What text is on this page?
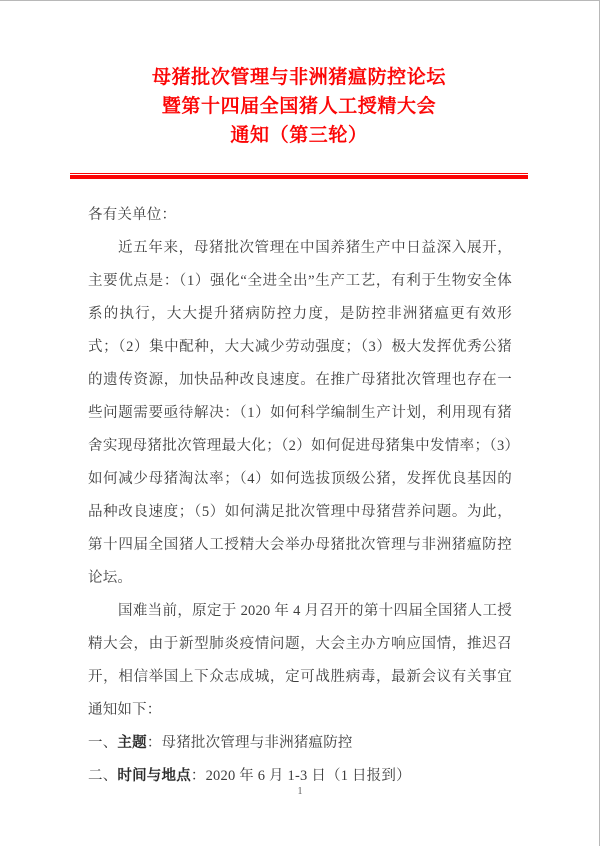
母猪批次管理与非洲猪瘟防控论坛
暨第十四届全国猪人工授精大会
通知（第三轮）

各有关单位：

近五年来，母猪批次管理在中国养猪生产中日益深入展开，主要优点是：（1）强化“全进全出”生产工艺，有利于生物安全体系的执行，大大提升猪病防控力度，是防控非洲猪瘟更有效形式；（2）集中配种，大大减少劳动强度；（3）极大发挥优秀公猪的遗传资源，加快品种改良速度。在推广母猪批次管理也存在一些问题需要亟待解决：（1）如何科学编制生产计划，利用现有猪舍实现母猪批次管理最大化；（2）如何促进母猪集中发情率；（3）如何减少母猪淘汰率；（4）如何选拔顶级公猪，发挥优良基因的品种改良速度；（5）如何满足批次管理中母猪营养问题。为此，第十四届全国猪人工授精大会举办母猪批次管理与非洲猪瘟防控论坛。

国难当前，原定于 2020 年 4 月召开的第十四届全国猪人工授精大会，由于新型肺炎疫情问题，大会主办方响应国情，推迟召开，相信举国上下众志成城，定可战胜病毒，最新会议有关事宜通知如下：

一、主题：母猪批次管理与非洲猪瘟防控

二、时间与地点：2020 年 6 月 1-3 日（1 日报到）

1
